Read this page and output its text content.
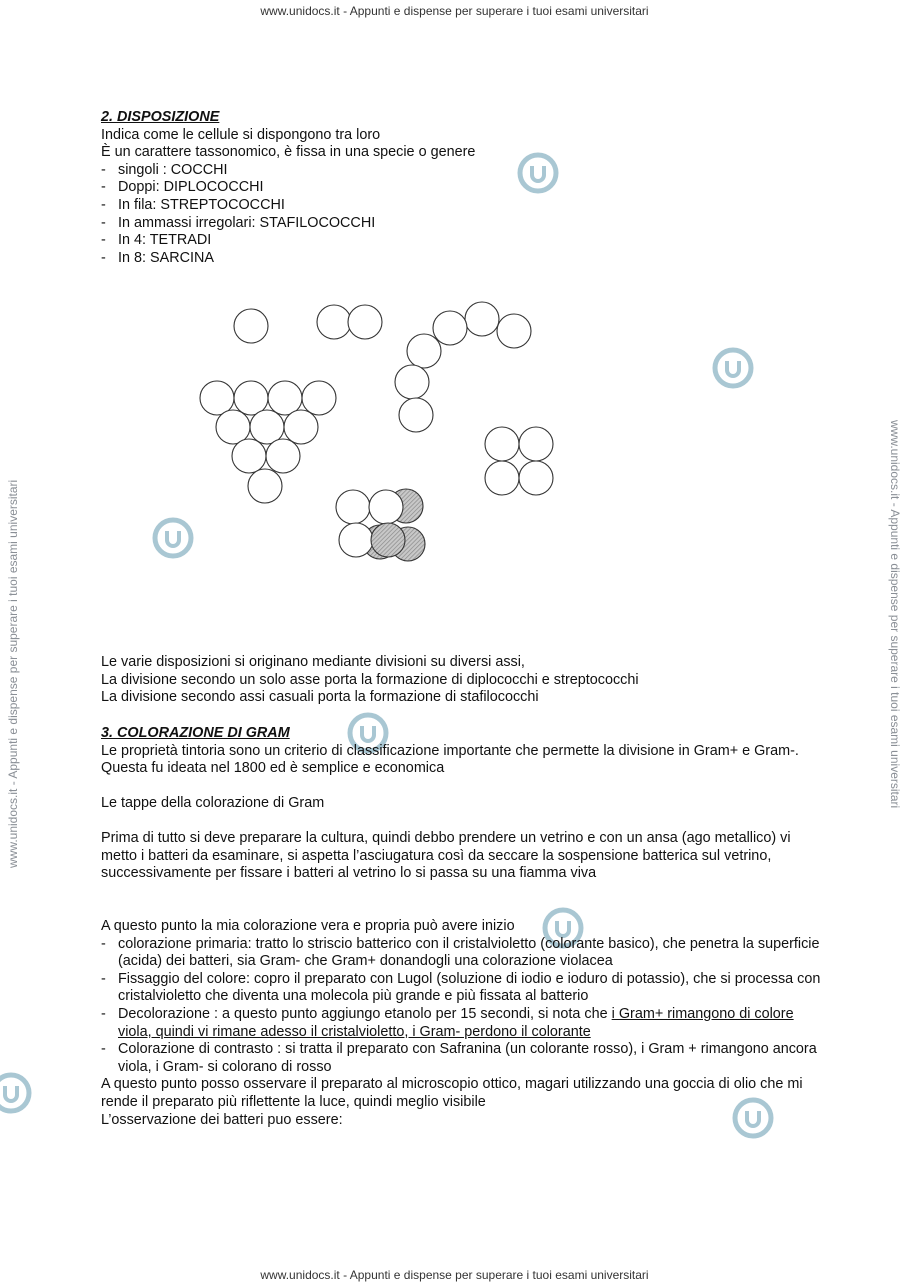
www.unidocs.it - Appunti e dispense per superare i tuoi esami universitari
www.unidocs.it - Appunti e dispense per superare i tuoi esami universitari
www.unidocs.it - Appunti e dispense per superare i tuoi esami universitari	www.unidocs.it - Appunti e dispense per superare i tuoi esami universitari

2. DISPOSIZIONE

Indica come le cellule si dispongono tra loro

È un carattere tassonomico, è fissa in una specie o genere

- singoli : COCCHI
- Doppi: DIPLOCOCCHI
- In fila: STREPTOCOCCHI
- In ammassi irregolari: STAFILOCOCCHI
- In 4: TETRADI
- In 8: SARCINA

Le varie disposizioni si originano mediante divisioni su diversi assi,

La divisione secondo un solo asse porta la formazione di diplococchi e streptococchi

La divisione secondo assi casuali porta la formazione di stafilococchi

3. COLORAZIONE DI GRAM

Le proprietà tintoria sono un criterio di classificazione importante che permette la divisione in Gram+ e Gram-. Questa fu ideata nel 1800 ed è semplice e economica

Le tappe della colorazione di Gram

Prima di tutto si deve preparare la cultura, quindi debbo prendere un vetrino e con un ansa (ago metallico) vi metto i batteri da esaminare, si aspetta l’asciugatura così da seccare la sospensione batterica sul vetrino, successivamente per fissare i batteri al vetrino lo si passa su una fiamma viva

A questo punto la mia colorazione vera e propria può avere inizio

- colorazione primaria: tratto lo striscio batterico con il cristalvioletto (colorante basico), che penetra la superficie (acida) dei batteri, sia Gram- che Gram+ donandogli una colorazione violacea
- Fissaggio del colore: copro il preparato con Lugol (soluzione di iodio e ioduro di potassio), che si processa con cristalvioletto che diventa una molecola più grande e più fissata al batterio
- Decolorazione : a questo punto aggiungo etanolo per 15 secondi, si nota che i Gram+ rimangono di colore viola, quindi vi rimane adesso il cristalvioletto, i Gram- perdono il colorante
- Colorazione di contrasto : si tratta il preparato con Safranina (un colorante rosso), i Gram + rimangono ancora viola, i Gram- si colorano di rosso

A questo punto posso osservare il preparato al microscopio ottico, magari utilizzando una goccia di olio che mi rende il preparato più riflettente la luce, quindi meglio visibile

L’osservazione dei batteri puo essere:
